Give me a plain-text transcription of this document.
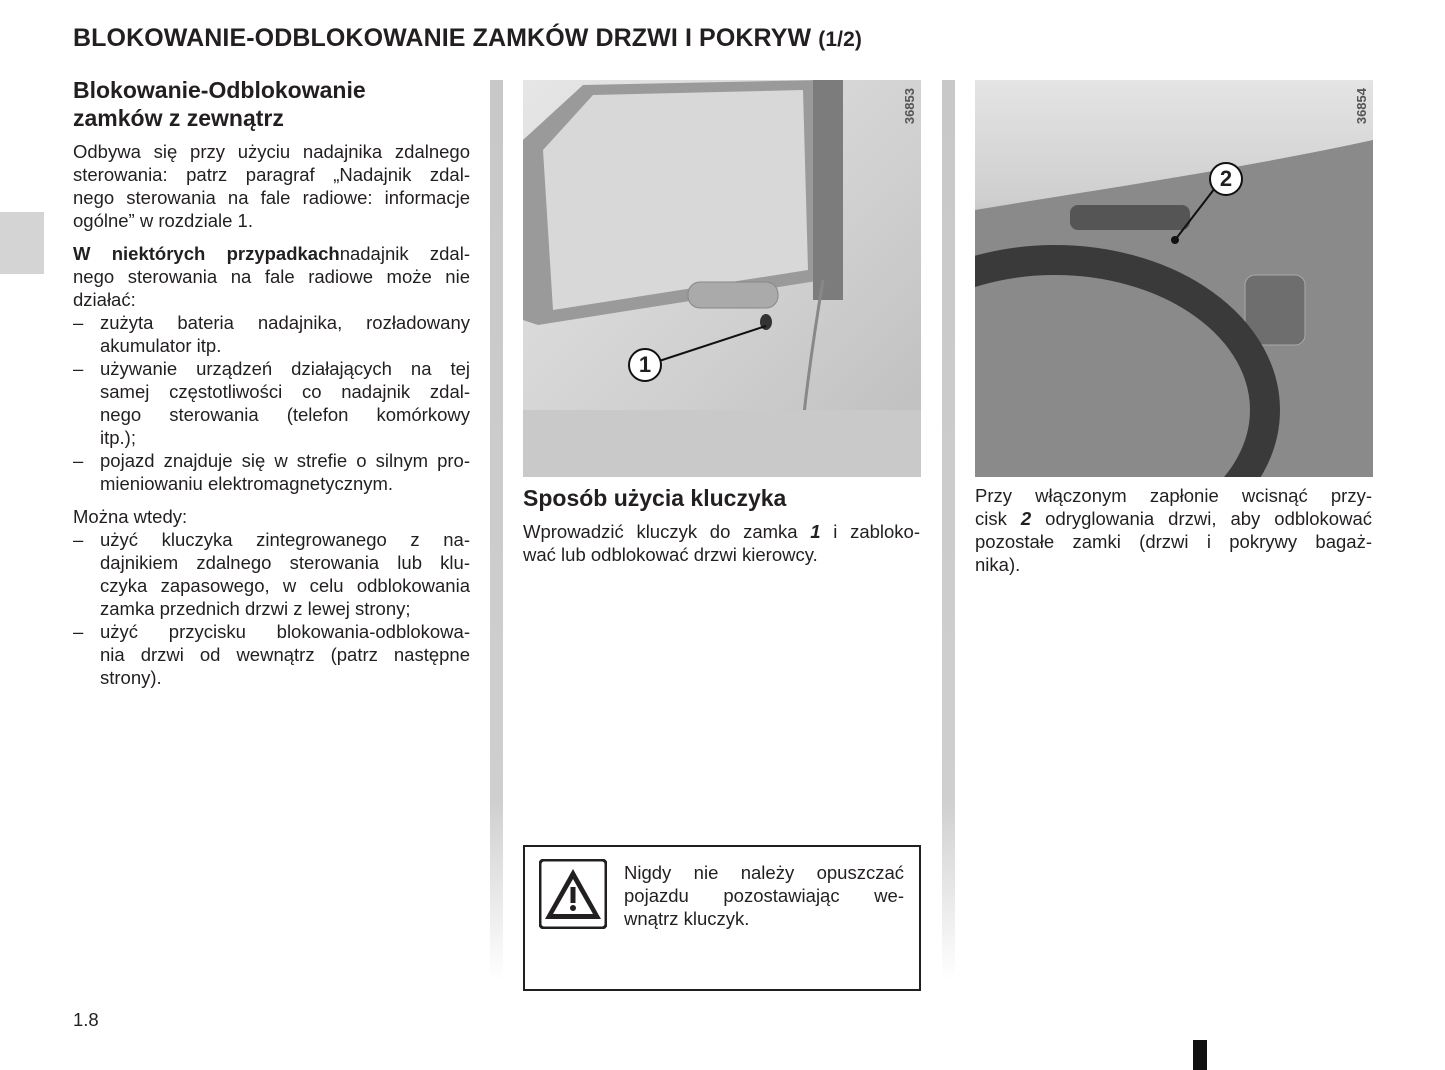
BLOKOWANIE-ODBLOKOWANIE ZAMKÓW DRZWI I POKRYW (1/2)
Blokowanie-Odblokowanie
zamków z zewnątrz
Odbywa się przy użyciu nadajnika zdalnego
sterowania: patrz paragraf „Nadajnik zdal-
nego sterowania na fale radiowe: informacje
ogólne” w rozdziale 1.
W niektórych przypadkachnadajnik zdal-
nego sterowania na fale radiowe może nie
działać:
– zużyta bateria nadajnika, rozładowany
akumulator itp.
– używanie urządzeń działających na tej
samej częstotliwości co nadajnik zdal-
nego sterowania (telefon komórkowy
itp.);
– pojazd znajduje się w strefie o silnym pro-
mieniowaniu elektromagnetycznym.
Można wtedy:
– użyć kluczyka zintegrowanego z na-
dajnikiem zdalnego sterowania lub klu-
czyka zapasowego, w celu odblokowania
zamka przednich drzwi z lewej strony;
– użyć przycisku blokowania-odblokowa-
nia drzwi od wewnątrz (patrz następne
strony).
36853
1
Sposób użycia kluczyka
Wprowadzić kluczyk do zamka 1 i zabloko-
wać lub odblokować drzwi kierowcy.
Nigdy nie należy opuszczać
pojazdu pozostawiając we-
wnątrz kluczyk.
36854
2
Przy włączonym zapłonie wcisnąć przy-
cisk 2 odryglowania drzwi, aby odblokować
pozostałe zamki (drzwi i pokrywy bagaż-
nika).
1.8
